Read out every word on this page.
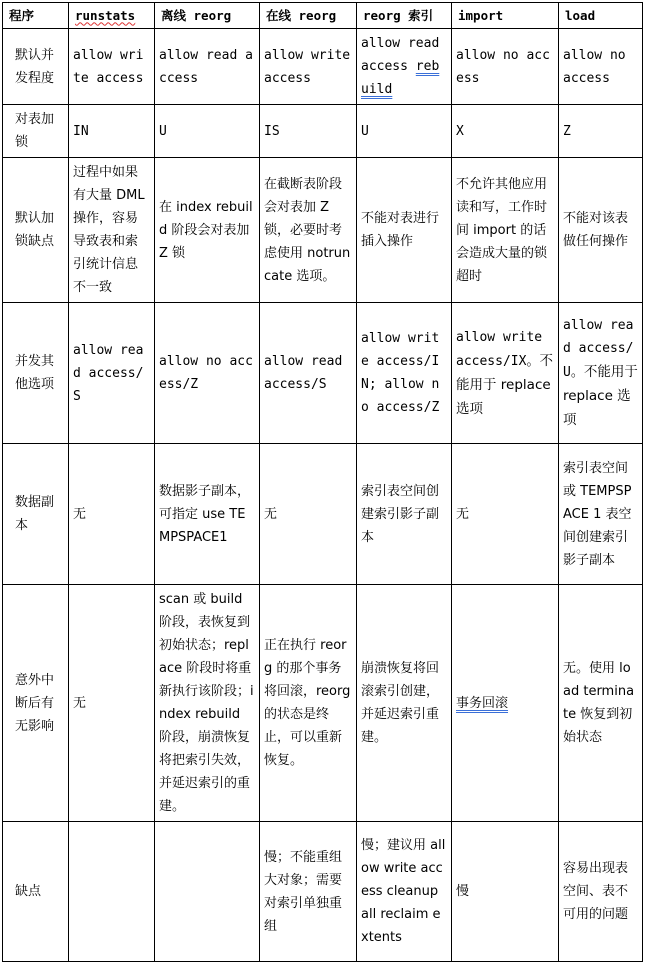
程序	runstats	离线 reorg	在线 reorg	reorg 索引	import	load
默认并发程度	allow write access	allow read access	allow write access	allow read access rebuild	allow no access	allow no access
对表加锁	IN	U	IS	U	X	Z
默认加锁缺点	过程中如果有大量 DML 操作，容易导致表和索引统计信息不一致	在 index rebuild 阶段会对表加 Z 锁	在截断表阶段会对表加 Z 锁，必要时考虑使用 notruncate 选项。	不能对表进行插入操作	不允许其他应用读和写，工作时间 import 的话会造成大量的锁超时	不能对该表做任何操作
并发其他选项	allow read access/S	allow no access/Z	allow read access/S	allow write access/IN; allow no access/Z	allow write access/IX。不能用于 replace 选项	allow read access/U。不能用于 replace 选项
数据副本	无	数据影子副本，可指定 use TEMPSPACE1	无	索引表空间创建索引影子副本	无	索引表空间或 TEMPSPACE 1 表空间创建索引影子副本
意外中断后有无影响	无	scan 或 build 阶段，表恢复到初始状态；replace 阶段时将重新执行该阶段；index rebuild 阶段，崩溃恢复将把索引失效，并延迟索引的重建。	正在执行 reorg 的那个事务将回滚，reorg 的状态是终止，可以重新恢复。	崩溃恢复将回滚索引创建，并延迟索引重建。	事务回滚	无。使用 load terminate 恢复到初始状态
缺点			慢；不能重组大对象；需要对索引单独重组	慢；建议用 allow write access cleanup all reclaim extents	慢	容易出现表空间、表不可用的问题
